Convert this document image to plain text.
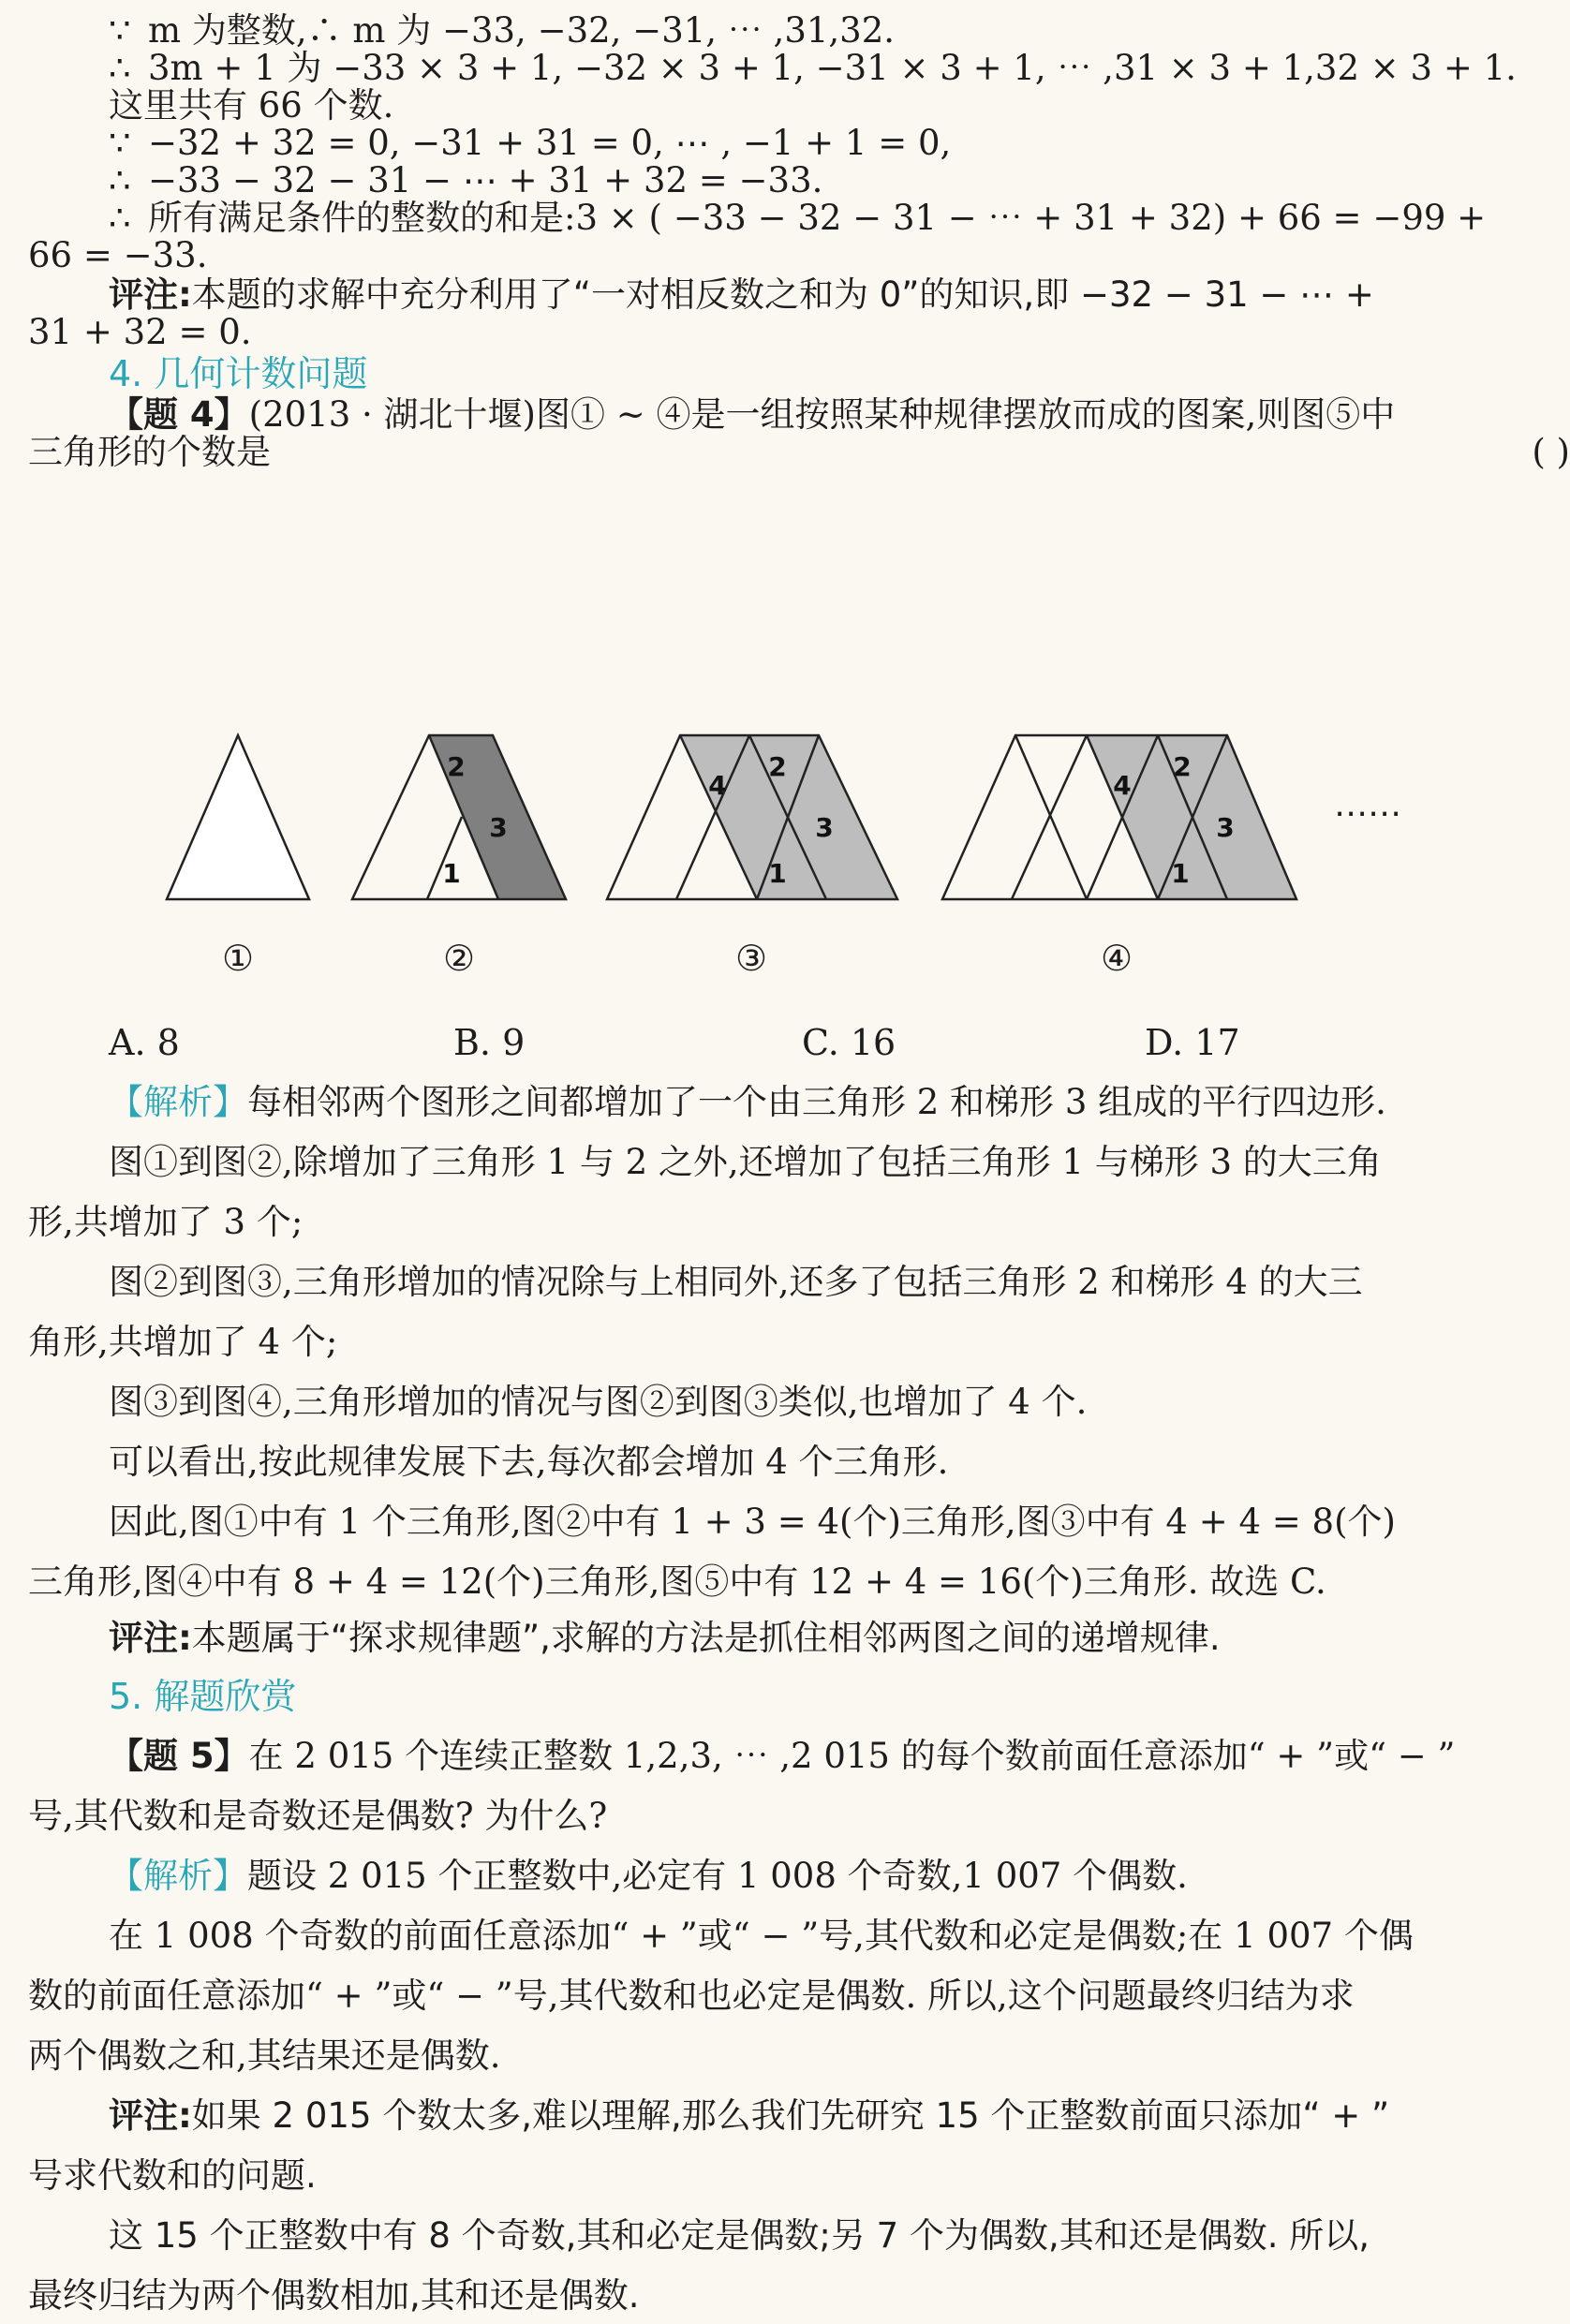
∵ m 为整数,∴ m 为 −33, −32, −31, ⋯ ,31,32.
∴ 3m + 1 为 −33 × 3 + 1, −32 × 3 + 1, −31 × 3 + 1, ⋯ ,31 × 3 + 1,32 × 3 + 1.
这里共有 66 个数.
∵ −32 + 32 = 0, −31 + 31 = 0, ⋯ , −1 + 1 = 0,
∴ −33 − 32 − 31 − ⋯ + 31 + 32 = −33.
∴ 所有满足条件的整数的和是:3 × ( −33 − 32 − 31 − ⋯ + 31 + 32) + 66 = −99 +
66 = −33.
评注:本题的求解中充分利用了“一对相反数之和为 0”的知识,即 −32 − 31 − ⋯ +
31 + 32 = 0.
4. 几何计数问题
【题 4】(2013 · 湖北十堰)图① ~ ④是一组按照某种规律摆放而成的图案,则图⑤中
三角形的个数是	( )
2
3
1
4
2
3
1
4
2
3
1
⋯⋯
①	②	③	④
A. 8	B. 9	C. 16	D. 17
【解析】每相邻两个图形之间都增加了一个由三角形 2 和梯形 3 组成的平行四边形.
图①到图②,除增加了三角形 1 与 2 之外,还增加了包括三角形 1 与梯形 3 的大三角
形,共增加了 3 个;
图②到图③,三角形增加的情况除与上相同外,还多了包括三角形 2 和梯形 4 的大三
角形,共增加了 4 个;
图③到图④,三角形增加的情况与图②到图③类似,也增加了 4 个.
可以看出,按此规律发展下去,每次都会增加 4 个三角形.
因此,图①中有 1 个三角形,图②中有 1 + 3 = 4(个)三角形,图③中有 4 + 4 = 8(个)
三角形,图④中有 8 + 4 = 12(个)三角形,图⑤中有 12 + 4 = 16(个)三角形. 故选 C.
评注:本题属于“探求规律题”,求解的方法是抓住相邻两图之间的递增规律.
5. 解题欣赏
【题 5】在 2 015 个连续正整数 1,2,3, ⋯ ,2 015 的每个数前面任意添加“ + ”或“ − ”
号,其代数和是奇数还是偶数? 为什么?
【解析】题设 2 015 个正整数中,必定有 1 008 个奇数,1 007 个偶数.
在 1 008 个奇数的前面任意添加“ + ”或“ − ”号,其代数和必定是偶数;在 1 007 个偶
数的前面任意添加“ + ”或“ − ”号,其代数和也必定是偶数. 所以,这个问题最终归结为求
两个偶数之和,其结果还是偶数.
评注:如果 2 015 个数太多,难以理解,那么我们先研究 15 个正整数前面只添加“ + ”
号求代数和的问题.
这 15 个正整数中有 8 个奇数,其和必定是偶数;另 7 个为偶数,其和还是偶数. 所以,
最终归结为两个偶数相加,其和还是偶数.
